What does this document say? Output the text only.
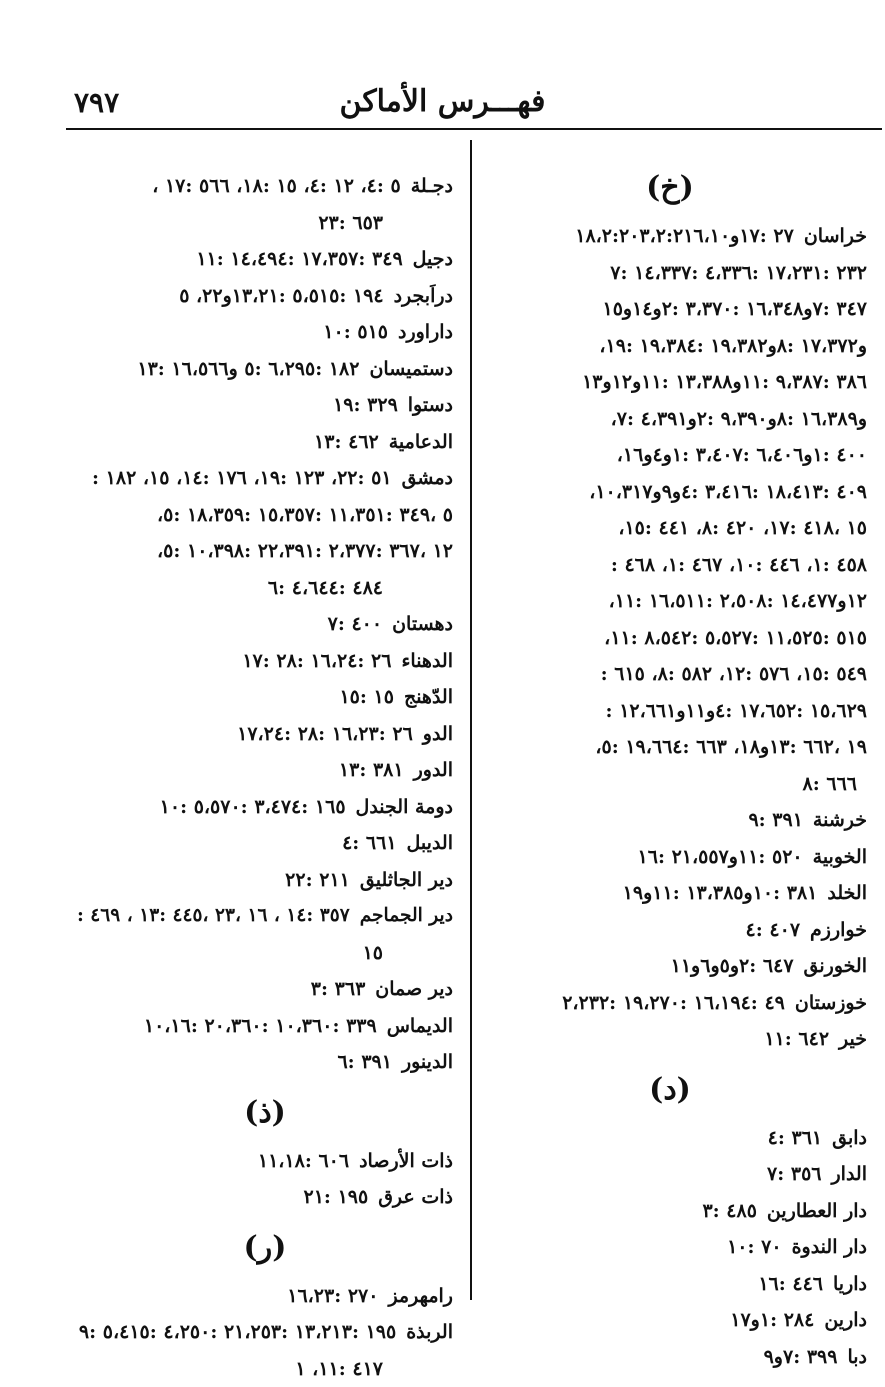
٧٩٧	فهـــرس الأماكن
(خ)
خراسان٢٧ :١٧و١٨،٢:٢٠٣،٢:٢١٦،١٠
٢٣٢ :١٧،٢٣١ :٤،٣٣٦ :١٤،٣٣٧ :٧
٣٤٧ :٧و١٦،٣٤٨ :٣،٣٧٠ :٢و١٤و١٥
و١٧،٣٧٢ :٨و١٩،٣٨٢ :١٩،٣٨٤ :١٩،
٣٨٦ :٩،٣٨٧ :١١و١٣،٣٨٨ :١١و١٢و١٣
و١٦،٣٨٩ :٨و٩،٣٩٠ :٢و٤،٣٩١ :٧،
٤٠٠ :١و٦،٤٠٦ :٣،٤٠٧ :١و٤و١٦،
٤٠٩ :١٨،٤١٣ :٣،٤١٦ :٤و٩و١٠،٣١٧،
١٥ ،٤١٨ :١٧، ٤٢٠ :٨، ٤٤١ :١٥،
٤٥٨ :١، ٤٤٦ :١٠، ٤٦٧ :١، ٤٦٨ :
١٢و١٤،٤٧٧ :٢،٥٠٨ :١٦،٥١١ :١١،
٥١٥ :١١،٥٢٥ :٥،٥٢٧ :٨،٥٤٢ :١١،
٥٤٩ :١٥، ٥٧٦ :١٢، ٥٨٢ :٨، ٦١٥ :
١٥،٦٢٩ :١٧،٦٥٢ :٤و١١و١٢،٦٦١ :
١٩ ،٦٦٢ :١٣و١٨، ٦٦٣ :١٩،٦٦٤ :٥،
٦٦٦ :٨
خرشنة٣٩١ :٩
الخوبية٥٢٠ :١١و٢١،٥٥٧ :١٦
الخلد٣٨١ :١٠و١٣،٣٨٥ :١١و١٩
خوارزم٤٠٧ :٤
الخورنق٦٤٧ :٢و٥و٦و١١
خوزستان٤٩ :١٦،١٩٤ :١٩،٢٧٠ :٢،٢٣٢
خير٦٤٢ :١١
(د)
دابق٣٦١ :٤
الدار٣٥٦ :٧
دار العطارين٤٨٥ :٣
دار الندوة٧٠ :١٠
داريا٤٤٦ :١٦
دارين٢٨٤ :١و١٧
دبا٣٩٩ :٧و٩
دجـلة٥ :٤، ١٢ :٤، ١٥ :١٨، ٥٦٦ :١٧ ،
٦٥٣ :٢٣
دجيل٣٤٩ :١٧،٣٥٧ :١٤،٤٩٤ :١١
دراَبجرد١٩٤ :٥،٥١٥ :١٣،٢١و٢٢، ٥
داراورد٥١٥ :١٠
دستميسان١٨٢ :٦،٢٩٥ :٥ و١٦،٥٦٦ :١٣
دستوا٣٢٩ :١٩
الدعامية٤٦٢ :١٣
دمشق٥١ :٢٢، ١٢٣ :١٩، ١٧٦ :١٤، ١٥، ١٨٢ :
٥ ،٣٤٩ :١١،٣٥١ :١٥،٣٥٧ :١٨،٣٥٩ :٥،
١٢ ،٣٦٧ :٢،٣٧٧ :٢٢،٣٩١ :١٠،٣٩٨ :٥،
٤٨٤ :٤،٦٤٤ :٦
دهستان٤٠٠ :٧
الدهناء٢٦ :١٦،٢٤ :٢٨ :١٧
الدّهنج١٥ :١٥
الدو٢٦ :١٦،٢٣ :٢٨ :١٧،٢٤
الدور٣٨١ :١٣
دومة الجندل١٦٥ :٣،٤٧٤ :٥،٥٧٠ :١٠
الديبل٦٦١ :٤
دير الجاثليق٢١١ :٢٢
دير الجماجم٣٥٧ :١٤ ، ١٦ ،٢٣ ،٤٤٥ :١٣ ، ٤٦٩ :
١٥
دير صمان٣٦٣ :٣
الديماس٣٣٩ :١٠،٣٦٠ :٢٠،٣٦٠ :١٠،١٦
الدينور٣٩١ :٦
(ذ)
ذات الأرصاد٦٠٦ :١١،١٨
ذات عرق١٩٥ :٢١
(ر)
رامهرمز٢٧٠ :١٦،٢٣
الربذة١٩٥ :١٣،٢١٣ :٢١،٢٥٣ :٤،٢٥٠ :٥،٤١٥ :٩
٤١٧ :١١، ١
